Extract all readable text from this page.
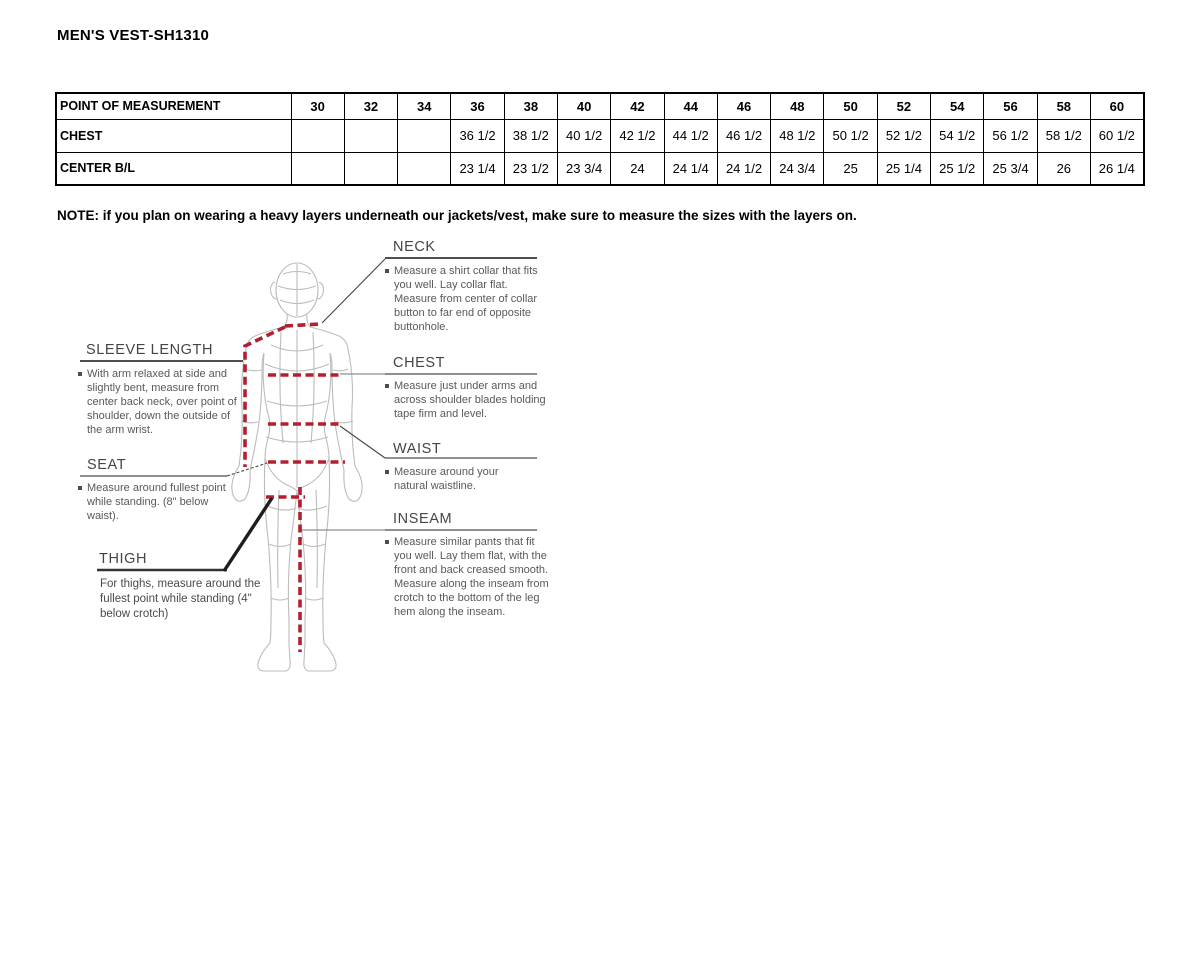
MEN'S VEST-SH1310
POINT OF MEASUREMENT	30	32	34	36	38	40	42	44	46	48	50	52	54	56	58	60
CHEST				36 1/2	38 1/2	40 1/2	42 1/2	44 1/2	46 1/2	48 1/2	50 1/2	52 1/2	54 1/2	56 1/2	58 1/2	60 1/2
CENTER B/L				23 1/4	23 1/2	23 3/4	24	24 1/4	24 1/2	24 3/4	25	25 1/4	25 1/2	25 3/4	26	26 1/4
NOTE: if you plan on wearing a heavy layers underneath our jackets/vest, make sure to measure the sizes with the layers on.
NECK
Measure a shirt collar that fits you well. Lay collar flat. Measure from center of collar button to far end of opposite buttonhole.
SLEEVE LENGTH
With arm relaxed at side and slightly bent, measure from center back neck, over point of shoulder, down the outside of the arm wrist.
CHEST
Measure just under arms and across shoulder blades holding tape firm and level.
SEAT
Measure around fullest point while standing. (8" below waist).
WAIST
Measure around your natural waistline.
THIGH
For thighs, measure around the fullest point while standing (4" below crotch)
INSEAM
Measure similar pants that fit you well. Lay them flat, with the front and back creased smooth. Measure along the inseam from crotch to the bottom of the leg hem along the inseam.
